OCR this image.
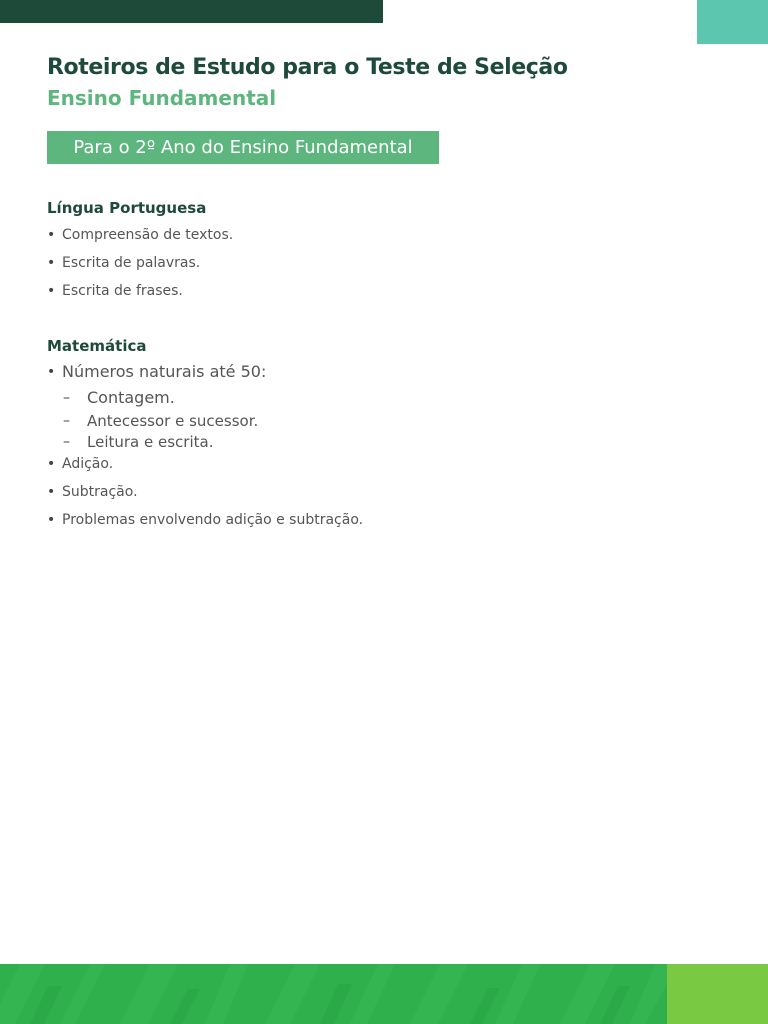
Roteiros de Estudo para o Teste de Seleção
Ensino Fundamental
Para o 2º Ano do Ensino Fundamental
Língua Portuguesa
• Compreensão de textos.
• Escrita de palavras.
• Escrita de frases.
Matemática
• Números naturais até 50:
–	Contagem.
–	Antecessor e sucessor.
–	Leitura e escrita.
• Adição.
• Subtração.
• Problemas envolvendo adição e subtração.
